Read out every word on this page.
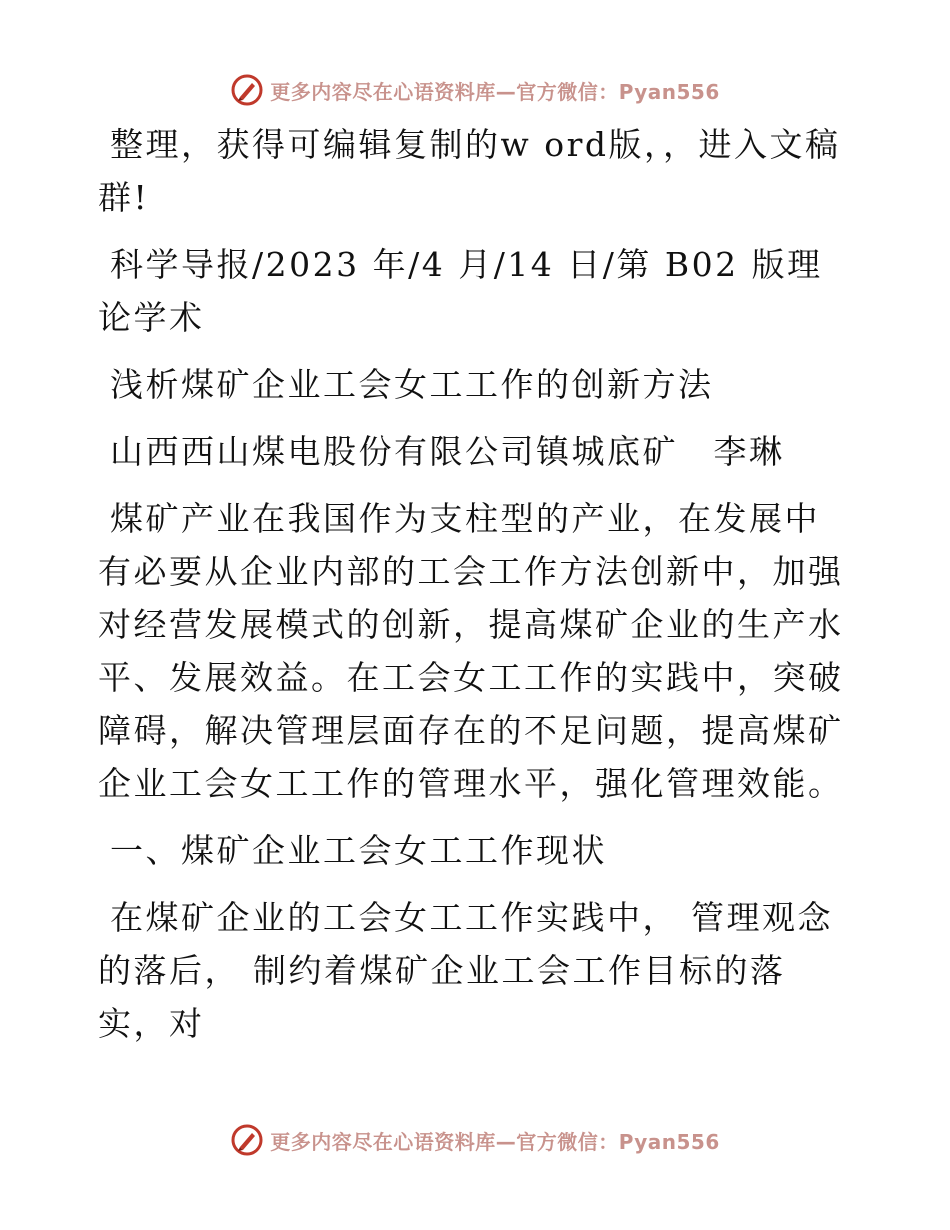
更多内容尽在心语资料库—官方微信：Pyan556

整理，获得可编辑复制的w ord版，，进入文稿群!

科学导报/2023 年/4 月/14 日/第 B02 版理论学术

浅析煤矿企业工会女工工作的创新方法

山西西山煤电股份有限公司镇城底矿　李琳

煤矿产业在我国作为支柱型的产业，在发展中有必要从企业内部的工会工作方法创新中，加强对经营发展模式的创新，提高煤矿企业的生产水平、发展效益。在工会女工工作的实践中，突破障碍，解决管理层面存在的不足问题，提高煤矿企业工会女工工作的管理水平，强化管理效能。

一、煤矿企业工会女工工作现状

在煤矿企业的工会女工工作实践中， 管理观念的落后， 制约着煤矿企业工会工作目标的落实，对

更多内容尽在心语资料库—官方微信：Pyan556
